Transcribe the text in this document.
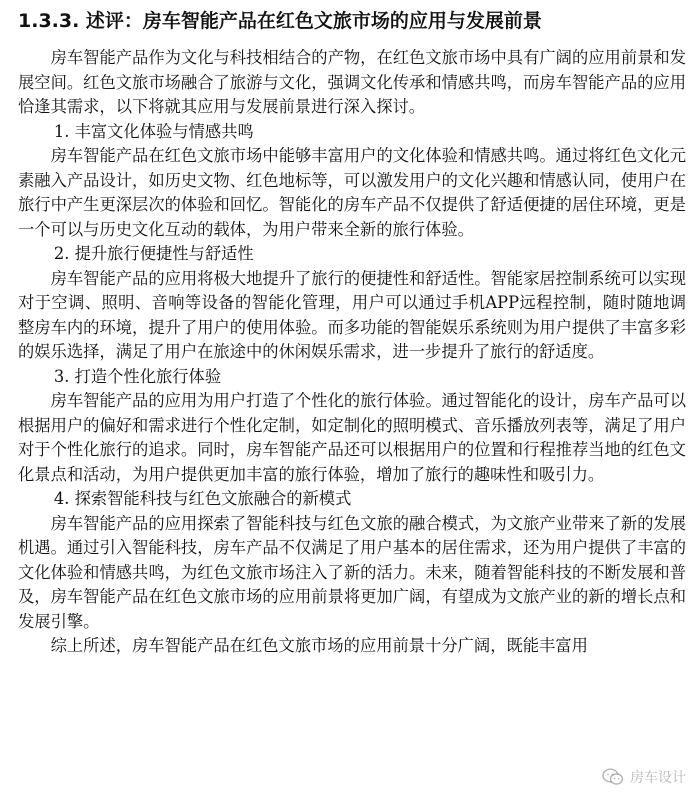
1.3.3. 述评：房车智能产品在红色文旅市场的应用与发展前景

房车智能产品作为文化与科技相结合的产物，在红色文旅市场中具有广阔的应用前景和发展空间。红色文旅市场融合了旅游与文化，强调文化传承和情感共鸣，而房车智能产品的应用恰逢其需求，以下将就其应用与发展前景进行深入探讨。

1. 丰富文化体验与情感共鸣

房车智能产品在红色文旅市场中能够丰富用户的文化体验和情感共鸣。通过将红色文化元素融入产品设计，如历史文物、红色地标等，可以激发用户的文化兴趣和情感认同，使用户在旅行中产生更深层次的体验和回忆。智能化的房车产品不仅提供了舒适便捷的居住环境，更是一个可以与历史文化互动的载体，为用户带来全新的旅行体验。

2. 提升旅行便捷性与舒适性

房车智能产品的应用将极大地提升了旅行的便捷性和舒适性。智能家居控制系统可以实现对于空调、照明、音响等设备的智能化管理，用户可以通过手机APP远程控制，随时随地调整房车内的环境，提升了用户的使用体验。而多功能的智能娱乐系统则为用户提供了丰富多彩的娱乐选择，满足了用户在旅途中的休闲娱乐需求，进一步提升了旅行的舒适度。

3. 打造个性化旅行体验

房车智能产品的应用为用户打造了个性化的旅行体验。通过智能化的设计，房车产品可以根据用户的偏好和需求进行个性化定制，如定制化的照明模式、音乐播放列表等，满足了用户对于个性化旅行的追求。同时，房车智能产品还可以根据用户的位置和行程推荐当地的红色文化景点和活动，为用户提供更加丰富的旅行体验，增加了旅行的趣味性和吸引力。

4. 探索智能科技与红色文旅融合的新模式

房车智能产品的应用探索了智能科技与红色文旅的融合模式，为文旅产业带来了新的发展机遇。通过引入智能科技，房车产品不仅满足了用户基本的居住需求，还为用户提供了丰富的文化体验和情感共鸣，为红色文旅市场注入了新的活力。未来，随着智能科技的不断发展和普及，房车智能产品在红色文旅市场的应用前景将更加广阔，有望成为文旅产业的新的增长点和发展引擎。

综上所述，房车智能产品在红色文旅市场的应用前景十分广阔，既能丰富用

房车设计
